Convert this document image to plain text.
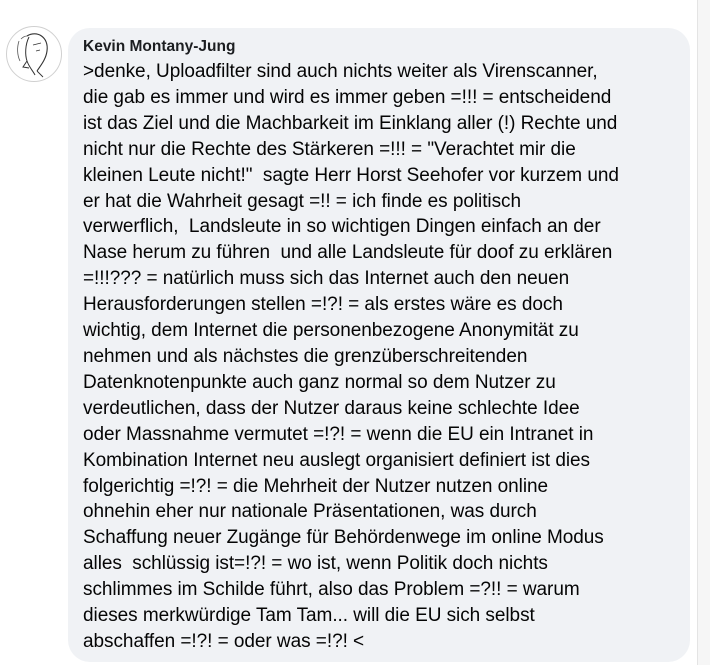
Kevin Montany-Jung
>denke, Uploadfilter sind auch nichts weiter als Virenscanner,
die gab es immer und wird es immer geben =!!! = entscheidend
ist das Ziel und die Machbarkeit im Einklang aller (!) Rechte und
nicht nur die Rechte des Stärkeren =!!! = "Verachtet mir die
kleinen Leute nicht!"  sagte Herr Horst Seehofer vor kurzem und
er hat die Wahrheit gesagt =!! = ich finde es politisch
verwerflich,  Landsleute in so wichtigen Dingen einfach an der
Nase herum zu führen  und alle Landsleute für doof zu erklären
=!!!??? = natürlich muss sich das Internet auch den neuen
Herausforderungen stellen =!?! = als erstes wäre es doch
wichtig, dem Internet die personenbezogene Anonymität zu
nehmen und als nächstes die grenzüberschreitenden
Datenknotenpunkte auch ganz normal so dem Nutzer zu
verdeutlichen, dass der Nutzer daraus keine schlechte Idee
oder Massnahme vermutet =!?! = wenn die EU ein Intranet in
Kombination Internet neu auslegt organisiert definiert ist dies
folgerichtig =!?! = die Mehrheit der Nutzer nutzen online
ohnehin eher nur nationale Präsentationen, was durch
Schaffung neuer Zugänge für Behördenwege im online Modus
alles  schlüssig ist=!?! = wo ist, wenn Politik doch nichts
schlimmes im Schilde führt, also das Problem =?!! = warum
dieses merkwürdige Tam Tam... will die EU sich selbst
abschaffen =!?! = oder was =!?! <
